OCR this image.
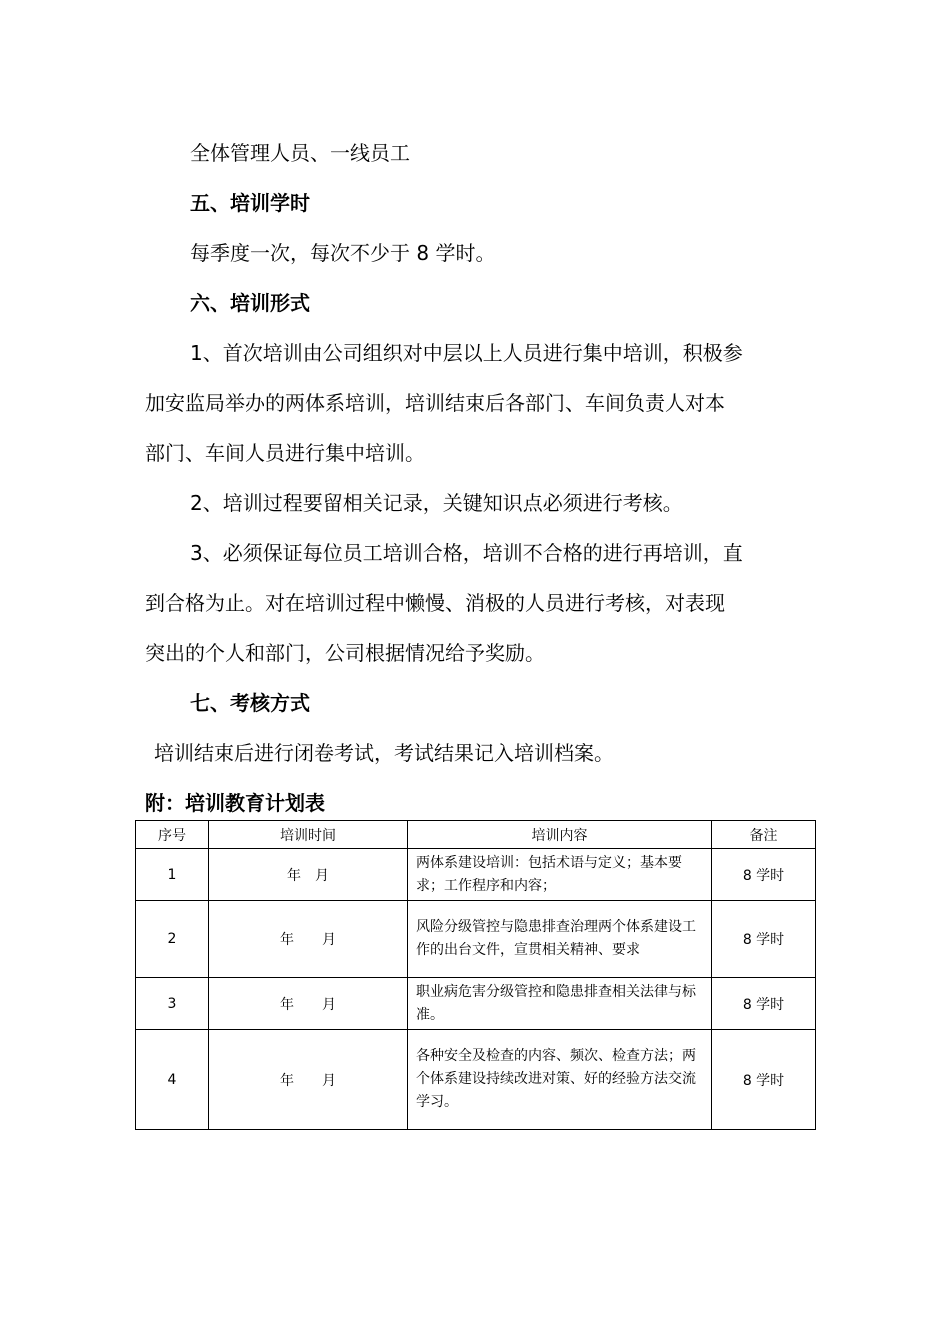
全体管理人员、一线员工
五、培训学时
每季度一次，每次不少于 8 学时。
六、培训形式
1、首次培训由公司组织对中层以上人员进行集中培训，积极参
加安监局举办的两体系培训，培训结束后各部门、车间负责人对本
部门、车间人员进行集中培训。
2、培训过程要留相关记录，关键知识点必须进行考核。
3、必须保证每位员工培训合格，培训不合格的进行再培训，直
到合格为止。对在培训过程中懒慢、消极的人员进行考核，对表现
突出的个人和部门，公司根据情况给予奖励。
七、考核方式
培训结束后进行闭卷考试，考试结果记入培训档案。
附：培训教育计划表
序号	培训时间	培训内容	备注
1	年　月	两体系建设培训：包括术语与定义；基本要求；工作程序和内容；	8 学时
2	年　　月	风险分级管控与隐患排查治理两个体系建设工作的出台文件，宣贯相关精神、要求	8 学时
3	年　　月	职业病危害分级管控和隐患排查相关法律与标准。	8 学时
4	年　　月	各种安全及检查的内容、频次、检查方法；两个体系建设持续改进对策、好的经验方法交流学习。	8 学时
